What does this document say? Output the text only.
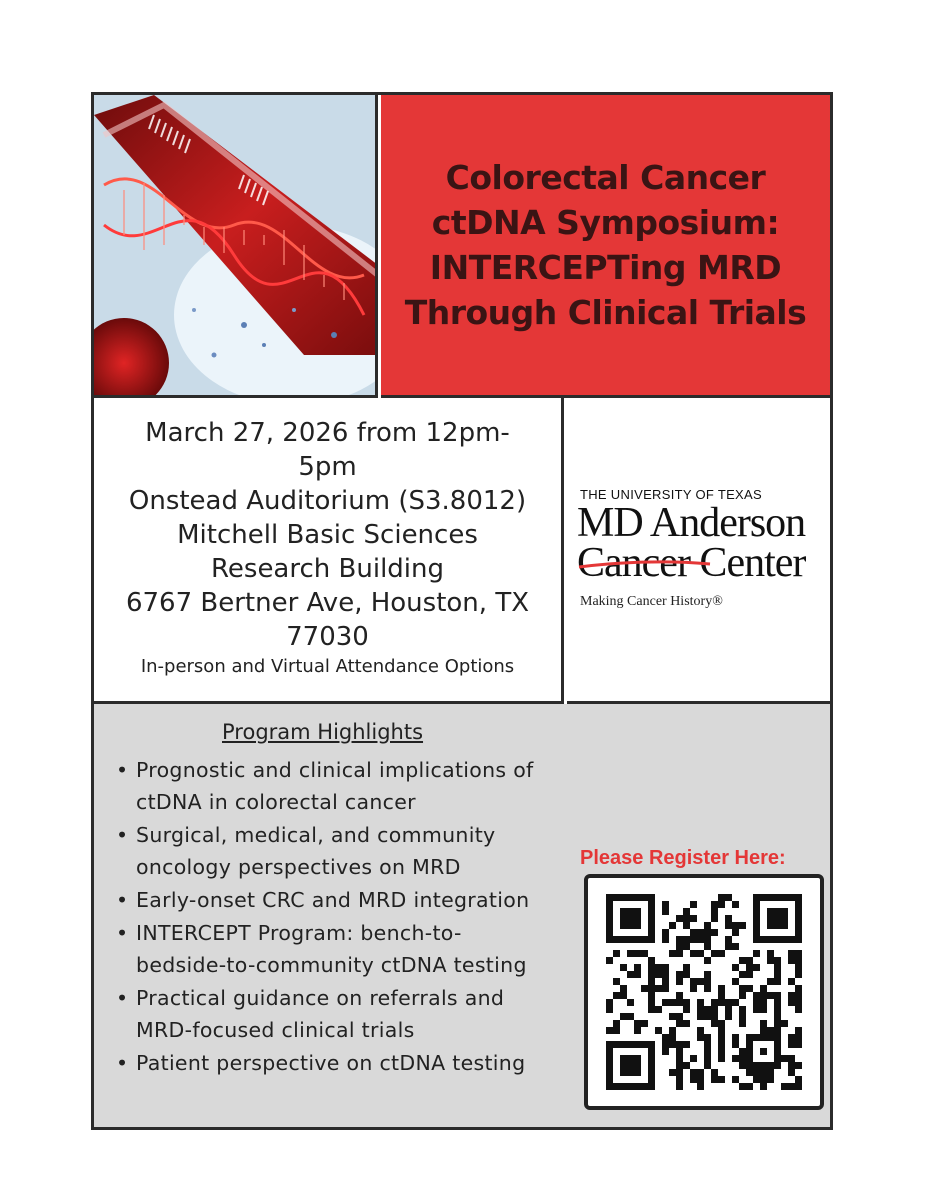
Colorectal Cancer
ctDNA Symposium:
INTERCEPTing MRD
Through Clinical Trials
March 27, 2026 from 12pm-
5pm
Onstead Auditorium (S3.8012)
Mitchell Basic Sciences
Research Building
6767 Bertner Ave, Houston, TX
77030
In-person and Virtual Attendance Options
THE UNIVERSITY OF TEXAS
MD Anderson
Cancer Center
Making Cancer History®
Program Highlights
• Prognostic and clinical implications of
ctDNA in colorectal cancer
• Surgical, medical, and community
oncology perspectives on MRD
• Early-onset CRC and MRD integration
• INTERCEPT Program: bench-to-
bedside-to-community ctDNA testing
• Practical guidance on referrals and
MRD-focused clinical trials
• Patient perspective on ctDNA testing
Please Register Here:
